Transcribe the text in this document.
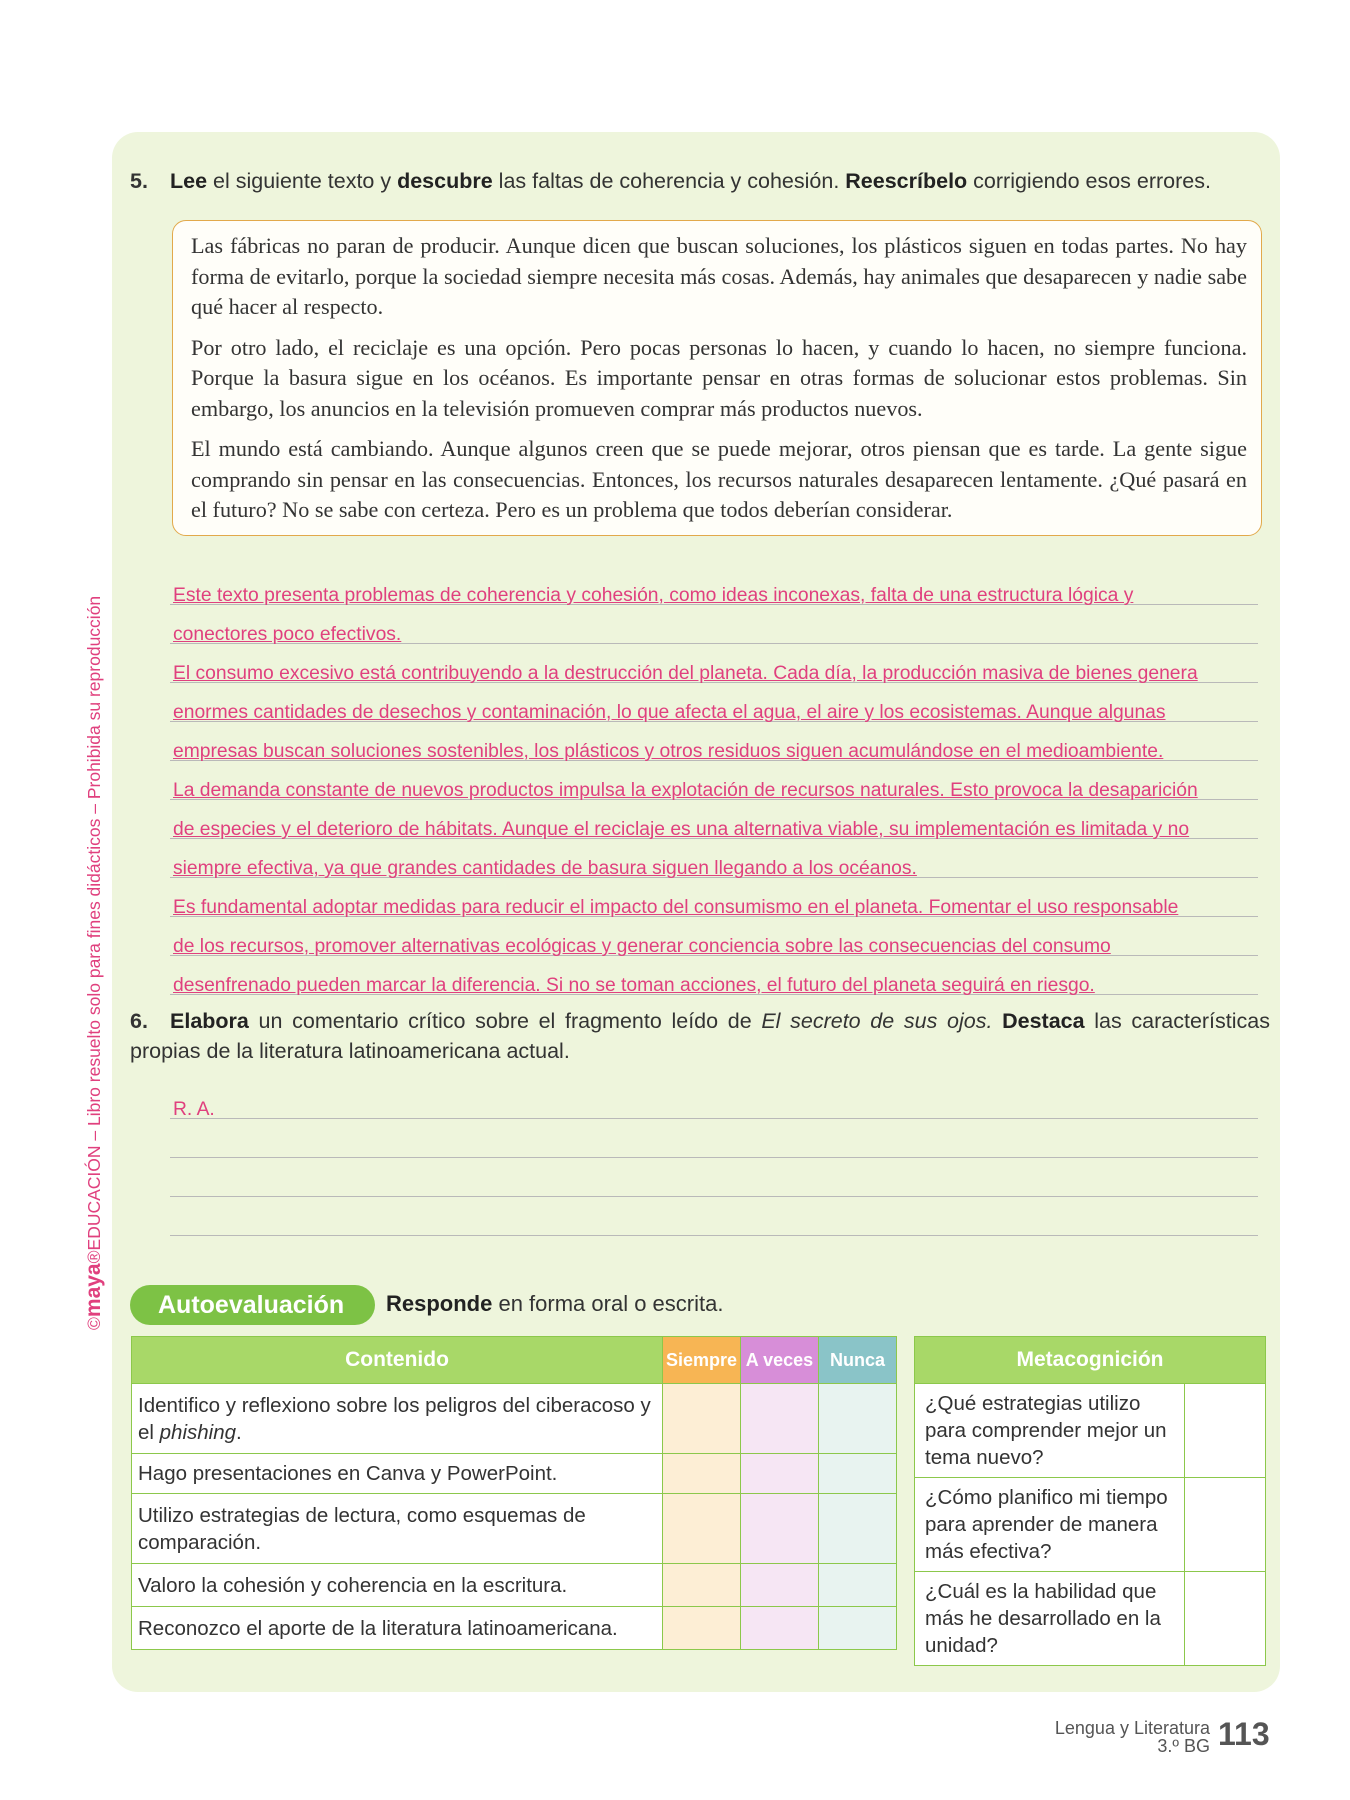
©maya®EDUCACIÓN – Libro resuelto solo para fines didácticos – Prohibida su reproducción
5. Lee el siguiente texto y descubre las faltas de coherencia y cohesión. Reescríbelo corrigiendo esos errores.

Las fábricas no paran de producir. Aunque dicen que buscan soluciones, los plásticos siguen en todas partes. No hay forma de evitarlo, porque la sociedad siempre necesita más cosas. Además, hay animales que desaparecen y nadie sabe qué hacer al respecto.

Por otro lado, el reciclaje es una opción. Pero pocas personas lo hacen, y cuando lo hacen, no siempre funciona. Porque la basura sigue en los océanos. Es importante pensar en otras formas de solucionar estos problemas. Sin embargo, los anuncios en la televisión promueven comprar más productos nuevos.

El mundo está cambiando. Aunque algunos creen que se puede mejorar, otros piensan que es tarde. La gente sigue comprando sin pensar en las consecuencias. Entonces, los recursos naturales desaparecen lentamente. ¿Qué pasará en el futuro? No se sabe con certeza. Pero es un problema que todos deberían considerar.

Este texto presenta problemas de coherencia y cohesión, como ideas inconexas, falta de una estructura lógica y
conectores poco efectivos.
El consumo excesivo está contribuyendo a la destrucción del planeta. Cada día, la producción masiva de bienes genera
enormes cantidades de desechos y contaminación, lo que afecta el agua, el aire y los ecosistemas. Aunque algunas
empresas buscan soluciones sostenibles, los plásticos y otros residuos siguen acumulándose en el medioambiente.
La demanda constante de nuevos productos impulsa la explotación de recursos naturales. Esto provoca la desaparición
de especies y el deterioro de hábitats. Aunque el reciclaje es una alternativa viable, su implementación es limitada y no
siempre efectiva, ya que grandes cantidades de basura siguen llegando a los océanos.
Es fundamental adoptar medidas para reducir el impacto del consumismo en el planeta. Fomentar el uso responsable
de los recursos, promover alternativas ecológicas y generar conciencia sobre las consecuencias del consumo
desenfrenado pueden marcar la diferencia. Si no se toman acciones, el futuro del planeta seguirá en riesgo.
6. Elabora un comentario crítico sobre el fragmento leído de El secreto de sus ojos. Destaca las características propias de la literatura latinoamericana actual.
R. A.
Autoevaluación	Responde en forma oral o escrita.
Contenido	Siempre	A veces	Nunca
Identifico y reflexiono sobre los peligros del ciberacoso y el phishing.			
Hago presentaciones en Canva y PowerPoint.			
Utilizo estrategias de lectura, como esquemas de comparación.			
Valoro la cohesión y coherencia en la escritura.			
Reconozco el aporte de la literatura latinoamericana.			
Metacognición	
¿Qué estrategias utilizo para comprender mejor un tema nuevo?	
¿Cómo planifico mi tiempo para aprender de manera más efectiva?	
¿Cuál es la habilidad que más he desarrollado en la unidad?	
Lengua y Literatura
3.º BG 113
